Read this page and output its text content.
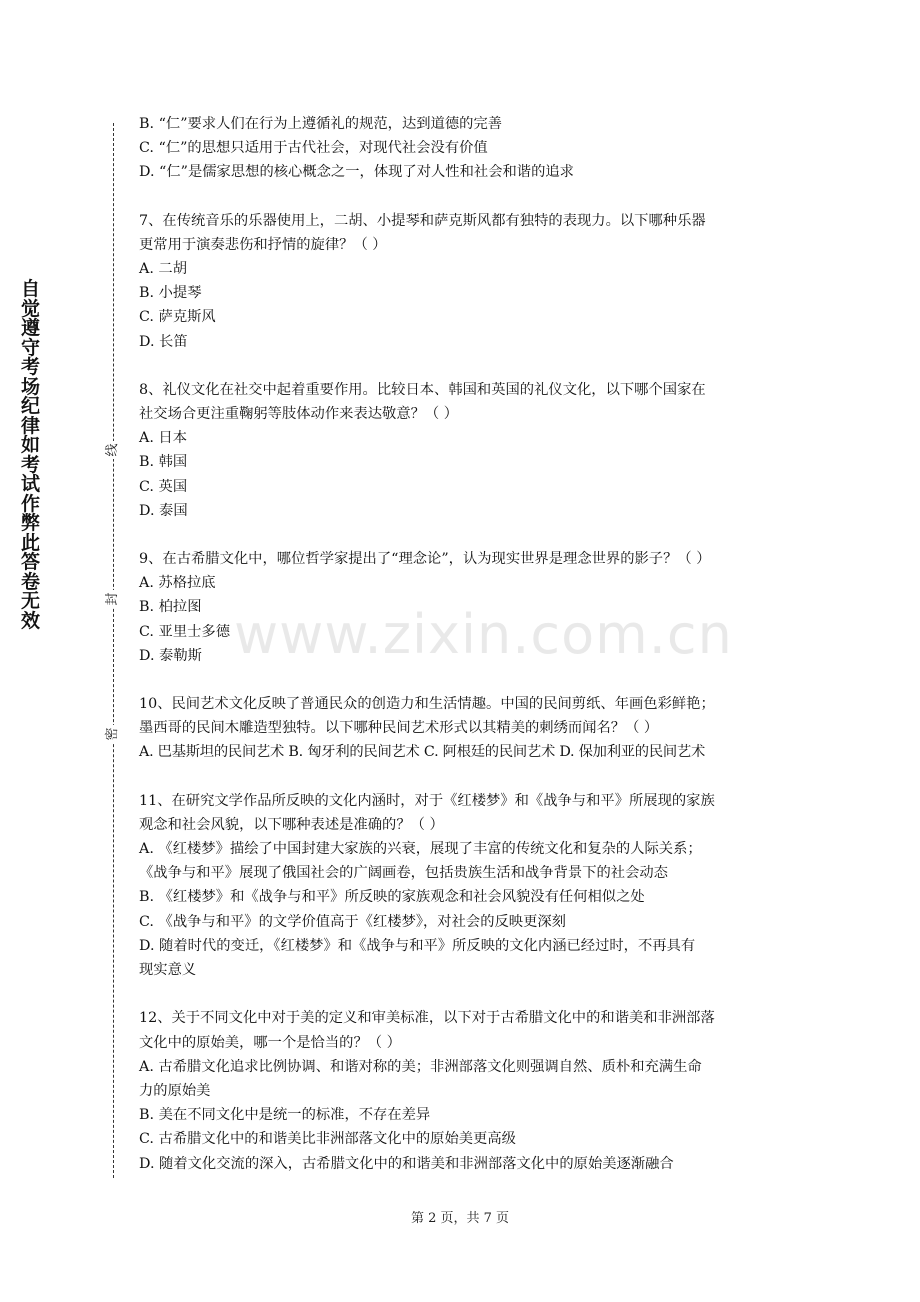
自觉遵守考场纪律如考试作弊此答卷无效
线
封
密
www.zixin.com.cn
B. “仁”要求人们在行为上遵循礼的规范，达到道德的完善
C. “仁”的思想只适用于古代社会，对现代社会没有价值
D. “仁”是儒家思想的核心概念之一，体现了对人性和社会和谐的追求
7、在传统音乐的乐器使用上，二胡、小提琴和萨克斯风都有独特的表现力。以下哪种乐器
更常用于演奏悲伤和抒情的旋律？（ ）
A. 二胡
B. 小提琴
C. 萨克斯风
D. 长笛
8、礼仪文化在社交中起着重要作用。比较日本、韩国和英国的礼仪文化，以下哪个国家在
社交场合更注重鞠躬等肢体动作来表达敬意？（ ）
A. 日本
B. 韩国
C. 英国
D. 泰国
9、在古希腊文化中，哪位哲学家提出了“理念论”，认为现实世界是理念世界的影子？（ ）
A. 苏格拉底
B. 柏拉图
C. 亚里士多德
D. 泰勒斯
10、民间艺术文化反映了普通民众的创造力和生活情趣。中国的民间剪纸、年画色彩鲜艳；
墨西哥的民间木雕造型独特。以下哪种民间艺术形式以其精美的刺绣而闻名？（ ）
A. 巴基斯坦的民间艺术 B. 匈牙利的民间艺术 C. 阿根廷的民间艺术 D. 保加利亚的民间艺术
11、在研究文学作品所反映的文化内涵时，对于《红楼梦》和《战争与和平》所展现的家族
观念和社会风貌，以下哪种表述是准确的？（ ）
A. 《红楼梦》描绘了中国封建大家族的兴衰，展现了丰富的传统文化和复杂的人际关系；
《战争与和平》展现了俄国社会的广阔画卷，包括贵族生活和战争背景下的社会动态
B. 《红楼梦》和《战争与和平》所反映的家族观念和社会风貌没有任何相似之处
C. 《战争与和平》的文学价值高于《红楼梦》，对社会的反映更深刻
D. 随着时代的变迁，《红楼梦》和《战争与和平》所反映的文化内涵已经过时，不再具有
现实意义
12、关于不同文化中对于美的定义和审美标准，以下对于古希腊文化中的和谐美和非洲部落
文化中的原始美，哪一个是恰当的？（ ）
A. 古希腊文化追求比例协调、和谐对称的美；非洲部落文化则强调自然、质朴和充满生命
力的原始美
B. 美在不同文化中是统一的标准，不存在差异
C. 古希腊文化中的和谐美比非洲部落文化中的原始美更高级
D. 随着文化交流的深入，古希腊文化中的和谐美和非洲部落文化中的原始美逐渐融合
第 2 页，共 7 页
